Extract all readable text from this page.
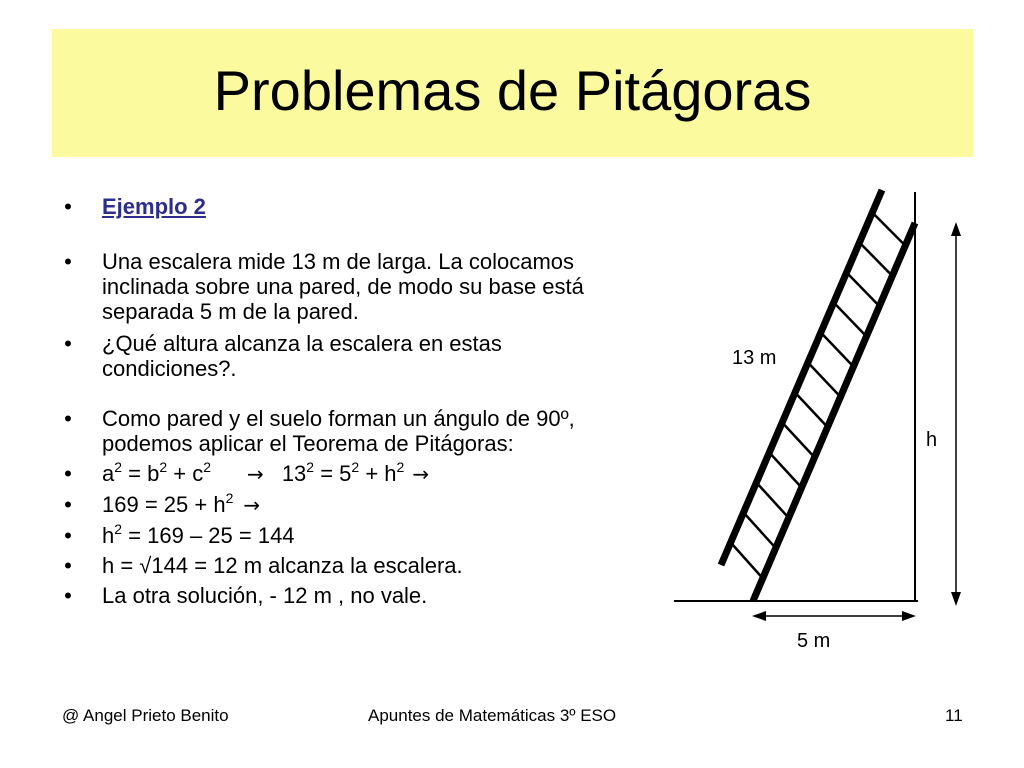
Problemas de Pitágoras
• Ejemplo 2
• Una escalera mide 13 m de larga. La colocamos inclinada sobre una pared, de modo su base está separada 5 m de la pared.
• ¿Qué altura alcanza la escalera en estas condiciones?.
• Como pared y el suelo forman un ángulo de 90º, podemos aplicar el Teorema de Pitágoras:
• $a^2 = b^2 + c^2 \to 13^2 = 5^2 + h^2$ →
• $169 = 25 + h^2$ →
• $h^2 = 169 - 25 = 144$
• h = √144 = 12 m alcanza la escalera.
• La otra solución, - 12 m , no vale.
13 m
h
5 m
@ Angel Prieto Benito	Apuntes de Matemáticas 3º ESO	11
